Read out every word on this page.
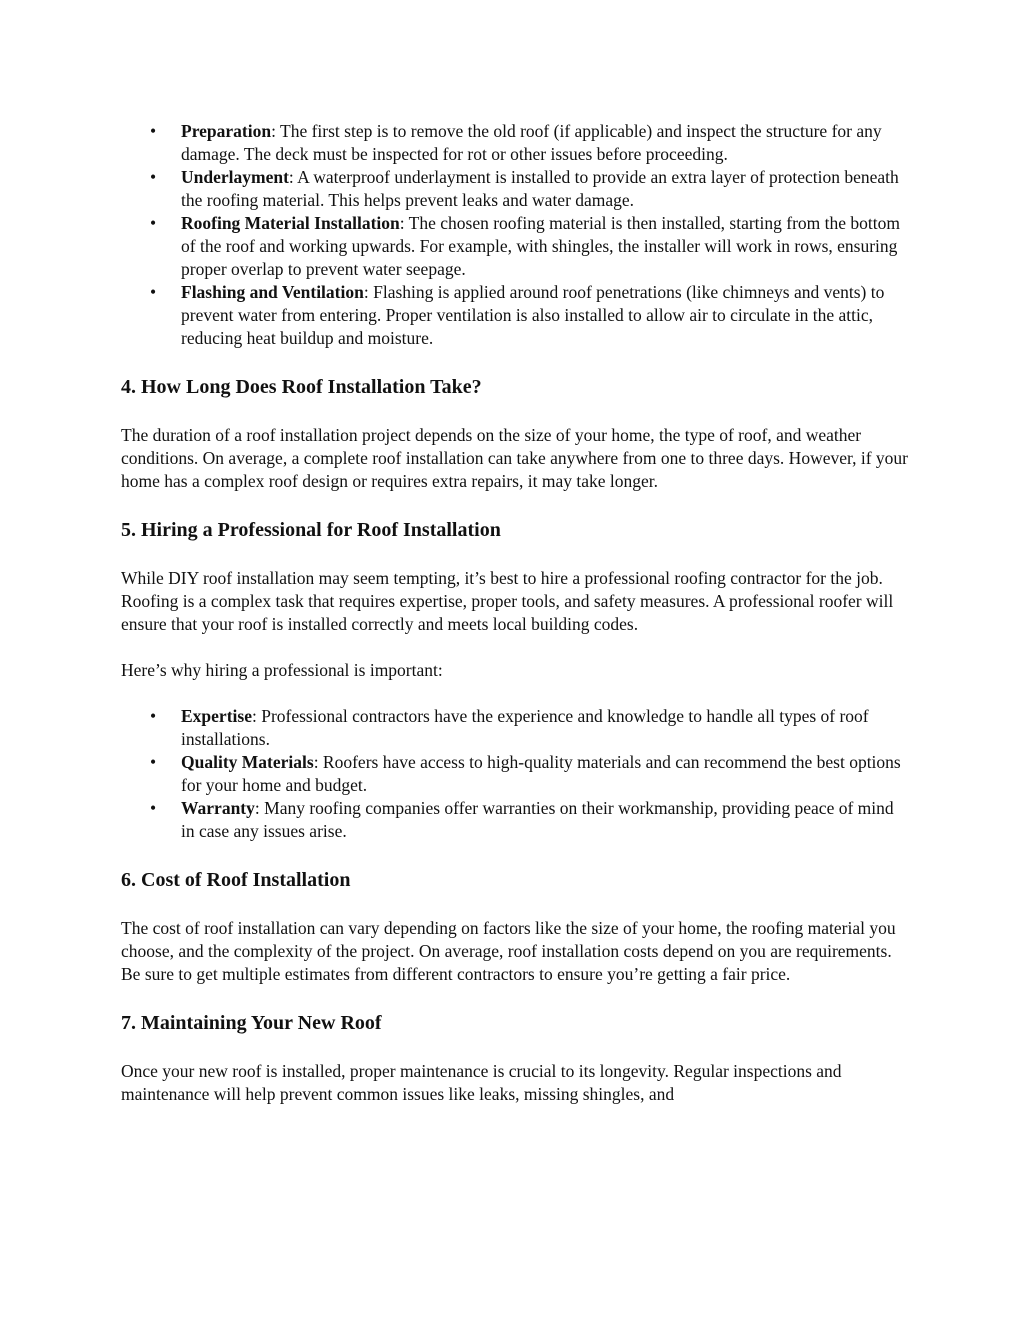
• Preparation: The first step is to remove the old roof (if applicable) and inspect the structure for any damage. The deck must be inspected for rot or other issues before proceeding.
• Underlayment: A waterproof underlayment is installed to provide an extra layer of protection beneath the roofing material. This helps prevent leaks and water damage.
• Roofing Material Installation: The chosen roofing material is then installed, starting from the bottom of the roof and working upwards. For example, with shingles, the installer will work in rows, ensuring proper overlap to prevent water seepage.
• Flashing and Ventilation: Flashing is applied around roof penetrations (like chimneys and vents) to prevent water from entering. Proper ventilation is also installed to allow air to circulate in the attic, reducing heat buildup and moisture.
4. How Long Does Roof Installation Take?

The duration of a roof installation project depends on the size of your home, the type of roof, and weather conditions. On average, a complete roof installation can take anywhere from one to three days. However, if your home has a complex roof design or requires extra repairs, it may take longer.

5. Hiring a Professional for Roof Installation

While DIY roof installation may seem tempting, it’s best to hire a professional roofing contractor for the job. Roofing is a complex task that requires expertise, proper tools, and safety measures. A professional roofer will ensure that your roof is installed correctly and meets local building codes.

Here’s why hiring a professional is important:

• Expertise: Professional contractors have the experience and knowledge to handle all types of roof installations.
• Quality Materials: Roofers have access to high-quality materials and can recommend the best options for your home and budget.
• Warranty: Many roofing companies offer warranties on their workmanship, providing peace of mind in case any issues arise.
6. Cost of Roof Installation

The cost of roof installation can vary depending on factors like the size of your home, the roofing material you choose, and the complexity of the project. On average, roof installation costs depend on you are requirements. Be sure to get multiple estimates from different contractors to ensure you’re getting a fair price.

7. Maintaining Your New Roof

Once your new roof is installed, proper maintenance is crucial to its longevity. Regular inspections and maintenance will help prevent common issues like leaks, missing shingles, and
